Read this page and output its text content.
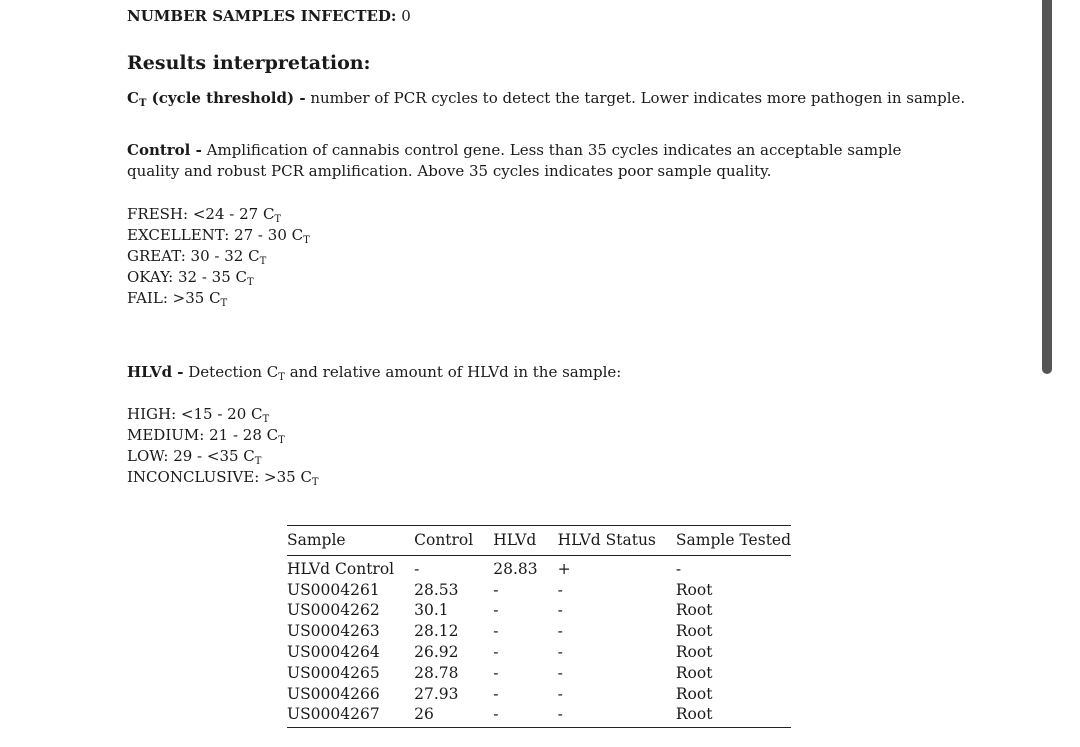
NUMBER SAMPLES INFECTED: 0
Results interpretation:
$C_T$ (cycle threshold) - number of PCR cycles to detect the target. Lower indicates more pathogen in sample.
Control - Amplification of cannabis control gene. Less than 35 cycles indicates an acceptable sample quality and robust PCR amplification. Above 35 cycles indicates poor sample quality.
FRESH: <24 - 27 $C_T$
EXCELLENT: 27 - 30 $C_T$
GREAT: 30 - 32 $C_T$
OKAY: 32 - 35 $C_T$
FAIL: >35 $C_T$
HLVd - Detection $C_T$ and relative amount of HLVd in the sample:
HIGH: <15 - 20 $C_T$
MEDIUM: 21 - 28 $C_T$
LOW: 29 - <35 $C_T$
INCONCLUSIVE: >35 $C_T$
Sample	Control	HLVd	HLVd Status	Sample Tested
HLVd Control	-	28.83	+	-
US0004261	28.53	-	-	Root
US0004262	30.1	-	-	Root
US0004263	28.12	-	-	Root
US0004264	26.92	-	-	Root
US0004265	28.78	-	-	Root
US0004266	27.93	-	-	Root
US0004267	26	-	-	Root
